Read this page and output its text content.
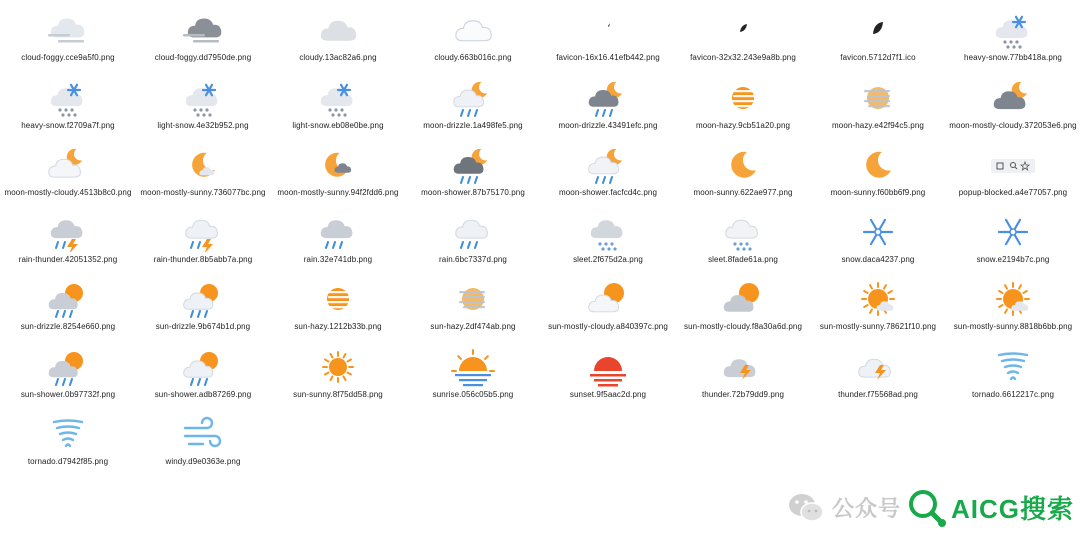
cloud-foggy.cce9a5f0.png	cloud-foggy.dd7950de.png	cloudy.13ac82a6.png	cloudy.663b016c.png	favicon-16x16.41efb442.png	favicon-32x32.243e9a8b.png	favicon.5712d7f1.ico	heavy-snow.77bb418a.png
heavy-snow.f2709a7f.png	light-snow.4e32b952.png	light-snow.eb08e0be.png	moon-drizzle.1a498fe5.png	moon-drizzle.43491efc.png	moon-hazy.9cb51a20.png	moon-hazy.e42f94c5.png	moon-mostly-cloudy.372053e6.png
moon-mostly-cloudy.4513b8c0.png moon-mostly-sunny.736077bc.png moon-mostly-sunny.94f2fdd6.png	moon-shower.87b75170.png	moon-shower.facfcd4c.png	moon-sunny.622ae977.png	moon-sunny.f60bb6f9.png	popup-blocked.a4e77057.png
rain-thunder.42051352.png	rain-thunder.8b5abb7a.png	rain.32e741db.png	rain.6bc7337d.png	sleet.2f675d2a.png	sleet.8fade61a.png	snow.daca4237.png	snow.e2194b7c.png
sun-drizzle.8254e660.png	sun-drizzle.9b674b1d.png	sun-hazy.1212b33b.png	sun-hazy.2df474ab.png	sun-mostly-cloudy.a840397c.png sun-mostly-cloudy.f8a30a6d.png sun-mostly-sunny.78621f10.png sun-mostly-sunny.8818b6bb.png
sun-shower.0b97732f.png	sun-shower.adb87269.png	sun-sunny.8f75dd58.png	sunrise.056c05b5.png	sunset.9f5aac2d.png	thunder.72b79dd9.png	thunder.f75568ad.png	tornado.6612217c.png
tornado.d7942f85.png	windy.d9e0363e.png
公众号 AICG搜索
